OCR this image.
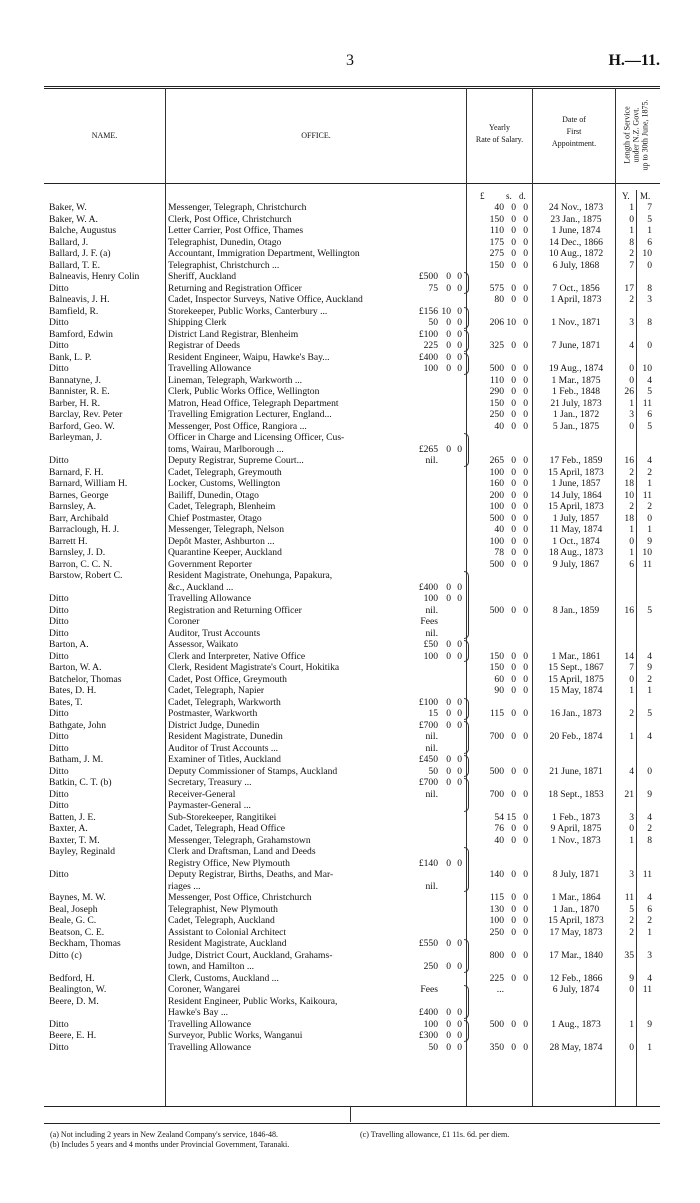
3	H.—11.
NAME.	OFFICE.
Yearly
Rate of Salary.
Date of
First
Appointment.	Length of Service under N.Z. Govt. up to 30th June, 1875.
£ s. d.	Y. M.
Baker, W.	Messenger, Telegraph, Christchurch	40 0 0	24 Nov., 1873	1	7
Baker, W. A.	Clerk, Post Office, Christchurch	150 0 0	23 Jan., 1875	0	5
Balche, Augustus	Letter Carrier, Post Office, Thames	110 0 0	1 June, 1874	1	1
Ballard, J.	Telegraphist, Dunedin, Otago	175 0 0	14 Dec., 1866	8	6
Ballard, J. F. (a)	Accountant, Immigration Department, Wellington	275 0 0	10 Aug., 1872	2 10
Ballard, T. E.	Telegraphist, Christchurch ...	150 0 0	6 July, 1868	7	0
Balneavis, Henry Colin	Sheriff, Auckland	£500 0 0
Ditto	Returning and Registration Officer	75 0 0	575 0 0	7 Oct., 1856	17	8
Balneavis, J. H.	Cadet, Inspector Surveys, Native Office, Auckland	80 0 0	1 April, 1873	2	3
Bamfield, R.	Storekeeper, Public Works, Canterbury ...	£156 10 0
Ditto	Shipping Clerk	50 0 0	206 10 0	1 Nov., 1871	3	8
Bamford, Edwin	District Land Registrar, Blenheim	£100 0 0
Ditto	Registrar of Deeds	225 0 0	325 0 0	7 June, 1871	4	0
Bank, L. P.	Resident Engineer, Waipu, Hawke's Bay...	£400 0 0
Ditto	Travelling Allowance	100 0 0	500 0 0	19 Aug., 1874	0 10
Bannatyne, J.	Lineman, Telegraph, Warkworth ...	110 0 0	1 Mar., 1875	0	4
Bannister, R. E.	Clerk, Public Works Office, Wellington	290 0 0	1 Feb., 1848	26	5
Barber, H. R.	Matron, Head Office, Telegraph Department	150 0 0	21 July, 1873	1 11
Barclay, Rev. Peter	Travelling Emigration Lecturer, England...	250 0 0	1 Jan., 1872	3	6
Barford, Geo. W.	Messenger, Post Office, Rangiora ...	40 0 0	5 Jan., 1875	0	5
Barleyman, J.	Officer in Charge and Licensing Officer, Cus-
toms, Wairau, Marlborough ...	£265 0 0
Ditto	Deputy Registrar, Supreme Court...	nil.	265 0 0	17 Feb., 1859	16	4
Barnard, F. H.	Cadet, Telegraph, Greymouth	100 0 0	15 April, 1873	2	2
Barnard, William H.	Locker, Customs, Wellington	160 0 0	1 June, 1857	18	1
Barnes, George	Bailiff, Dunedin, Otago	200 0 0	14 July, 1864	10 11
Barnsley, A.	Cadet, Telegraph, Blenheim	100 0 0	15 April, 1873	2	2
Barr, Archibald	Chief Postmaster, Otago	500 0 0	1 July, 1857	18	0
Barraclough, H. J.	Messenger, Telegraph, Nelson	40 0 0	11 May, 1874	1	1
Barrett H.	Depôt Master, Ashburton ...	100 0 0	1 Oct., 1874	0	9
Barnsley, J. D.	Quarantine Keeper, Auckland	78 0 0	18 Aug., 1873	1 10
Barron, C. C. N.	Government Reporter	500 0 0	9 July, 1867	6 11
Barstow, Robert C.	Resident Magistrate, Onehunga, Papakura,
&c., Auckland ...	£400 0 0
Ditto	Travelling Allowance	100 0 0
Ditto	Registration and Returning Officer	nil.	500 0 0	8 Jan., 1859	16	5
Ditto	Coroner	Fees
Ditto	Auditor, Trust Accounts	nil.
Barton, A.	Assessor, Waikato	£50 0 0
Ditto	Clerk and Interpreter, Native Office	100 0 0	150 0 0	1 Mar., 1861	14	4
Barton, W. A.	Clerk, Resident Magistrate's Court, Hokitika	150 0 0	15 Sept., 1867	7	9
Batchelor, Thomas	Cadet, Post Office, Greymouth	60 0 0	15 April, 1875	0	2
Bates, D. H.	Cadet, Telegraph, Napier	90 0 0	15 May, 1874	1	1
Bates, T.	Cadet, Telegraph, Warkworth	£100 0 0
Ditto	Postmaster, Warkworth	15 0 0	115 0 0	16 Jan., 1873	2	5
Bathgate, John	District Judge, Dunedin	£700 0 0
Ditto	Resident Magistrate, Dunedin	nil.	700 0 0	20 Feb., 1874	1	4
Ditto	Auditor of Trust Accounts ...	nil.
Batham, J. M.	Examiner of Titles, Auckland	£450 0 0
Ditto	Deputy Commissioner of Stamps, Auckland	50 0 0	500 0 0	21 June, 1871	4	0
Batkin, C. T. (b)	Secretary, Treasury ...	£700 0 0
Ditto	Receiver-General	nil.	700 0 0	18 Sept., 1853	21	9
Ditto	Paymaster-General ...
Batten, J. E.	Sub-Storekeeper, Rangitikei	54 15 0	1 Feb., 1873	3	4
Baxter, A.	Cadet, Telegraph, Head Office	76 0 0	9 April, 1875	0	2
Baxter, T. M.	Messenger, Telegraph, Grahamstown	40 0 0	1 Nov., 1873	1	8
Bayley, Reginald	Clerk and Draftsman, Land and Deeds
Registry Office, New Plymouth	£140 0 0
Ditto	Deputy Registrar, Births, Deaths, and Mar-	140 0 0	8 July, 1871	3 11
riages ...	nil.
Baynes, M. W.	Messenger, Post Office, Christchurch	115 0 0	1 Mar., 1864	11	4
Beal, Joseph	Telegraphist, New Plymouth	130 0 0	1 Jan., 1870	5	6
Beale, G. C.	Cadet, Telegraph, Auckland	100 0 0	15 April, 1873	2	2
Beatson, C. E.	Assistant to Colonial Architect	250 0 0	17 May, 1873	2	1
Beckham, Thomas	Resident Magistrate, Auckland	£550 0 0
Ditto (c)	Judge, District Court, Auckland, Grahams-	800 0 0	17 Mar., 1840	35	3
town, and Hamilton ...	250 0 0
Bedford, H.	Clerk, Customs, Auckland ...	225 0 0	12 Feb., 1866	9	4
Bealington, W.	Coroner, Wangarei	Fees	...	6 July, 1874	0 11
Beere, D. M.	Resident Engineer, Public Works, Kaikoura,
Hawke's Bay ...	£400 0 0
Ditto	Travelling Allowance	100 0 0	500 0 0	1 Aug., 1873	1	9
Beere, E. H.	Surveyor, Public Works, Wanganui	£300 0 0
Ditto	Travelling Allowance	50 0 0	350 0 0	28 May, 1874	0	1
(a) Not including 2 years in New Zealand Company's service, 1846-48.
(b) Includes 5 years and 4 months under Provincial Government, Taranaki.
(c) Travelling allowance, £1 11s. 6d. per diem.
